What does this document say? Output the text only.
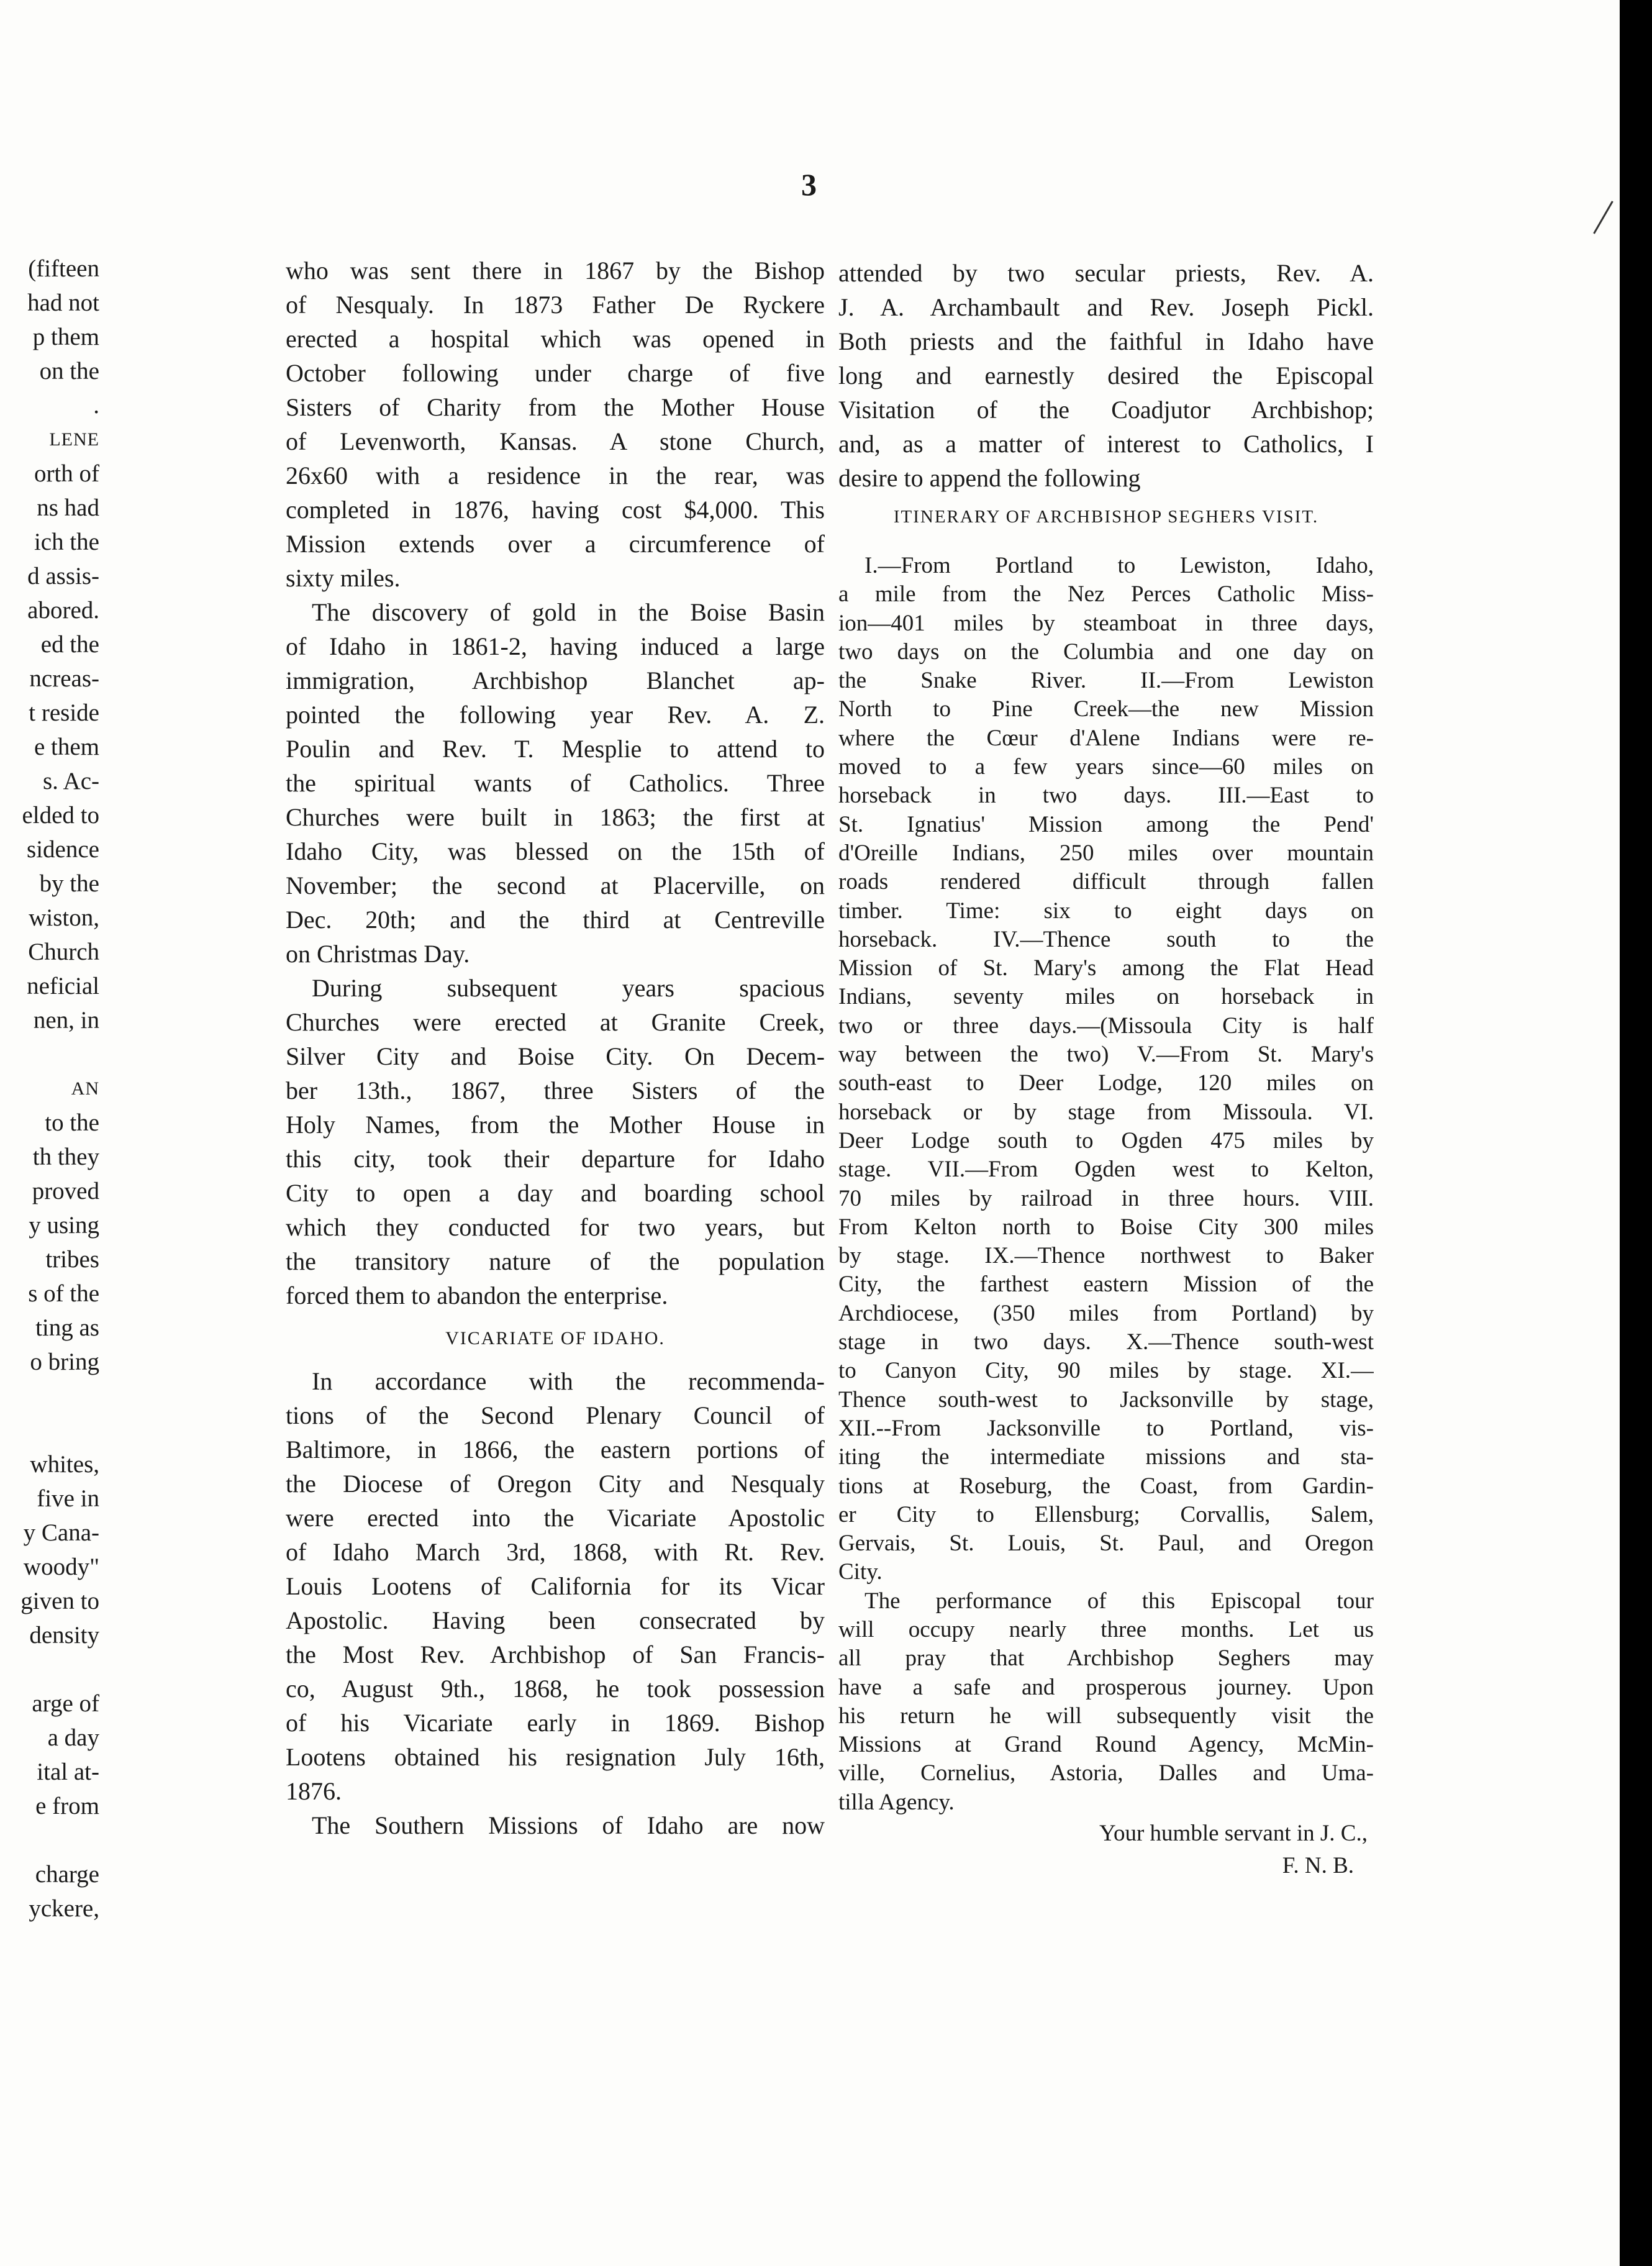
3
(fifteen
had not
p them
on the
.
LENE
orth of
ns had
ich the
d assis-
abored.
ed the
ncreas-
t reside
e them
s. Ac-
elded to
sidence
by the
wiston,
Church
neficial
nen, in
AN
to the
th they
proved
y using
tribes
s of the
ting as
o bring
whites,
five in
y Cana-
woody"
given to
density
arge of
a day
ital at-
e from
charge
yckere,
who was sent there in 1867 by the Bishop
of Nesqualy. In 1873 Father De Ryckere
erected a hospital which was opened in
October following under charge of five
Sisters of Charity from the Mother House
of Levenworth, Kansas. A stone Church,
26x60 with a residence in the rear, was
completed in 1876, having cost $4,000. This
Mission extends over a circumference of
sixty miles.
The discovery of gold in the Boise Basin
of Idaho in 1861-2, having induced a large
immigration, Archbishop Blanchet ap-
pointed the following year Rev. A. Z.
Poulin and Rev. T. Mesplie to attend to
the spiritual wants of Catholics. Three
Churches were built in 1863; the first at
Idaho City, was blessed on the 15th of
November; the second at Placerville, on
Dec. 20th; and the third at Centreville
on Christmas Day.
During subsequent years spacious
Churches were erected at Granite Creek,
Silver City and Boise City. On Decem-
ber 13th., 1867, three Sisters of the
Holy Names, from the Mother House in
this city, took their departure for Idaho
City to open a day and boarding school
which they conducted for two years, but
the transitory nature of the population
forced them to abandon the enterprise.
VICARIATE OF IDAHO.
In accordance with the recommenda-
tions of the Second Plenary Council of
Baltimore, in 1866, the eastern portions of
the Diocese of Oregon City and Nesqualy
were erected into the Vicariate Apostolic
of Idaho March 3rd, 1868, with Rt. Rev.
Louis Lootens of California for its Vicar
Apostolic. Having been consecrated by
the Most Rev. Archbishop of San Francis-
co, August 9th., 1868, he took possession
of his Vicariate early in 1869. Bishop
Lootens obtained his resignation July 16th,
1876.
The Southern Missions of Idaho are now
attended by two secular priests, Rev. A.
J. A. Archambault and Rev. Joseph Pickl.
Both priests and the faithful in Idaho have
long and earnestly desired the Episcopal
Visitation of the Coadjutor Archbishop;
and, as a matter of interest to Catholics, I
desire to append the following
ITINERARY OF ARCHBISHOP SEGHERS VISIT.
I.—From Portland to Lewiston, Idaho,
a mile from the Nez Perces Catholic Miss-
ion—401 miles by steamboat in three days,
two days on the Columbia and one day on
the Snake River. II.—From Lewiston
North to Pine Creek—the new Mission
where the Cœur d'Alene Indians were re-
moved to a few years since—60 miles on
horseback in two days. III.—East to
St. Ignatius' Mission among the Pend'
d'Oreille Indians, 250 miles over mountain
roads rendered difficult through fallen
timber. Time: six to eight days on
horseback. IV.—Thence south to the
Mission of St. Mary's among the Flat Head
Indians, seventy miles on horseback in
two or three days.—(Missoula City is half
way between the two) V.—From St. Mary's
south-east to Deer Lodge, 120 miles on
horseback or by stage from Missoula. VI.
Deer Lodge south to Ogden 475 miles by
stage. VII.—From Ogden west to Kelton,
70 miles by railroad in three hours. VIII.
From Kelton north to Boise City 300 miles
by stage. IX.—Thence northwest to Baker
City, the farthest eastern Mission of the
Archdiocese, (350 miles from Portland) by
stage in two days. X.—Thence south-west
to Canyon City, 90 miles by stage. XI.—
Thence south-west to Jacksonville by stage,
XII.--From Jacksonville to Portland, vis-
iting the intermediate missions and sta-
tions at Roseburg, the Coast, from Gardin-
er City to Ellensburg; Corvallis, Salem,
Gervais, St. Louis, St. Paul, and Oregon
City.
The performance of this Episcopal tour
will occupy nearly three months. Let us
all pray that Archbishop Seghers may
have a safe and prosperous journey. Upon
his return he will subsequently visit the
Missions at Grand Round Agency, McMin-
ville, Cornelius, Astoria, Dalles and Uma-
tilla Agency.
Your humble servant in J. C.,
F. N. B.
